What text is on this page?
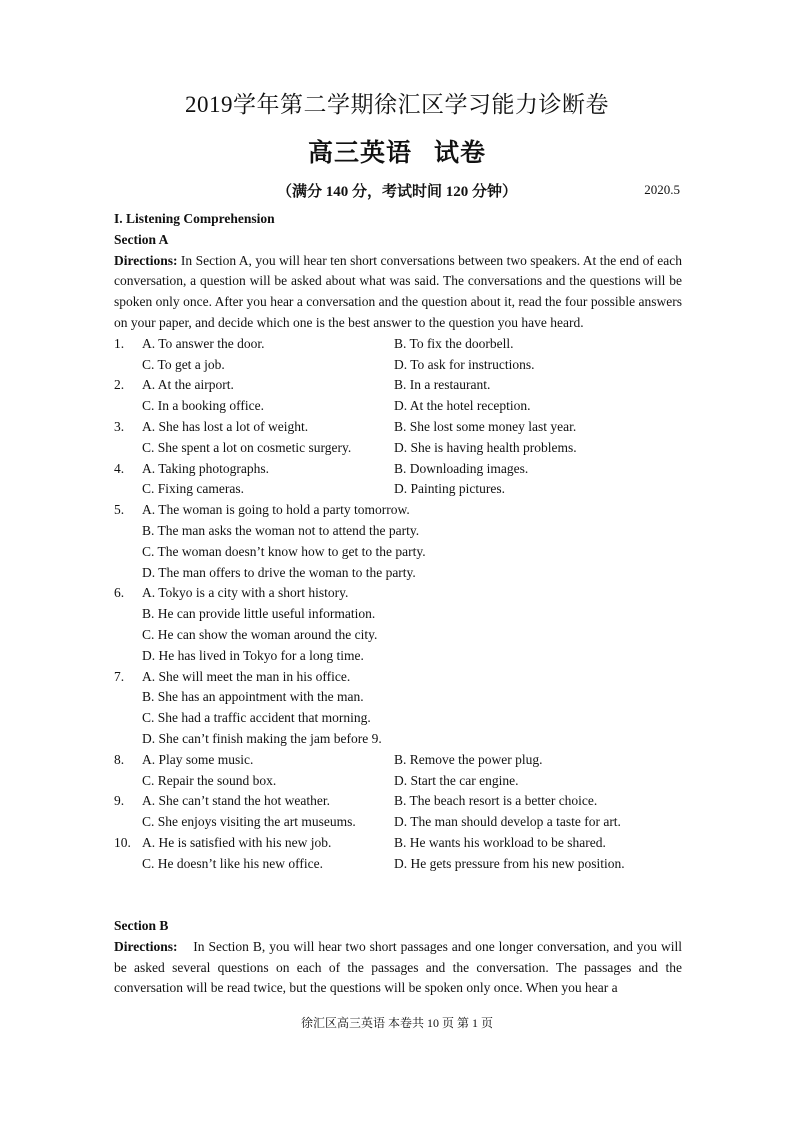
2019学年第二学期徐汇区学习能力诊断卷
高三英语 试卷
（满分 140 分，考试时间 120 分钟）	2020.5
I. Listening Comprehension
Section A

Directions: In Section A, you will hear ten short conversations between two speakers. At the end of each conversation, a question will be asked about what was said. The conversations and the questions will be spoken only once. After you hear a conversation and the question about it, read the four possible answers on your paper, and decide which one is the best answer to the question you have heard.

1.	A. To answer the door.	B. To fix the doorbell.
C. To get a job.	D. To ask for instructions.
2.	A. At the airport.	B. In a restaurant.
C. In a booking office.	D. At the hotel reception.
3.	A. She has lost a lot of weight.	B. She lost some money last year.
C. She spent a lot on cosmetic surgery.	D. She is having health problems.
4.	A. Taking photographs.	B. Downloading images.
C. Fixing cameras.	D. Painting pictures.
5.	A. The woman is going to hold a party tomorrow.
B. The man asks the woman not to attend the party.
C. The woman doesn’t know how to get to the party.
D. The man offers to drive the woman to the party.
6.	A. Tokyo is a city with a short history.
B. He can provide little useful information.
C. He can show the woman around the city.
D. He has lived in Tokyo for a long time.
7.	A. She will meet the man in his office.
B. She has an appointment with the man.
C. She had a traffic accident that morning.
D. She can’t finish making the jam before 9.
8.	A. Play some music.	B. Remove the power plug.
C. Repair the sound box.	D. Start the car engine.
9.	A. She can’t stand the hot weather.	B. The beach resort is a better choice.
C. She enjoys visiting the art museums.	D. The man should develop a taste for art.
10. A. He is satisfied with his new job.	B. He wants his workload to be shared.
C. He doesn’t like his new office.	D. He gets pressure from his new position.
Section B

Directions:    In Section B, you will hear two short passages and one longer conversation, and you will be asked several questions on each of the passages and the conversation. The passages and the conversation will be read twice, but the questions will be spoken only once. When you hear a

徐汇区高三英语 本卷共 10 页 第 1 页
